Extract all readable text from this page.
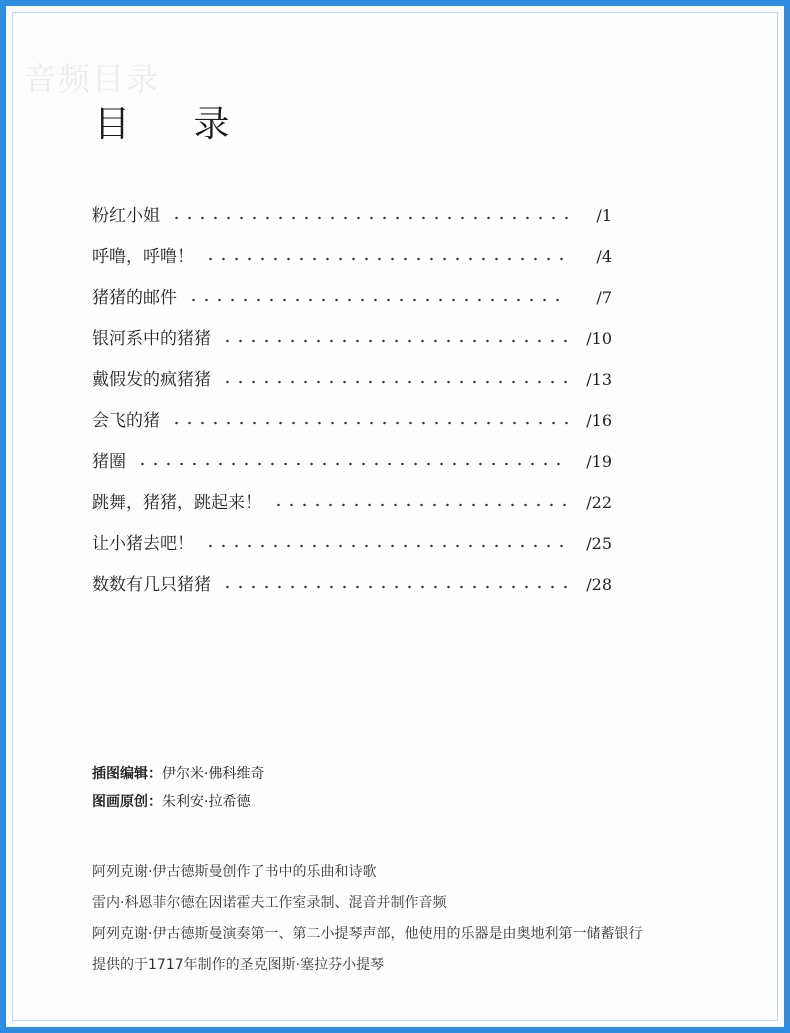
音频目录
目 录
粉红小姐	/1
呼噜，呼噜！	/4
猪猪的邮件	/7
银河系中的猪猪	/10
戴假发的疯猪猪	/13
会飞的猪	/16
猪圈	/19
跳舞，猪猪，跳起来！	/22
让小猪去吧！	/25
数数有几只猪猪	/28
插图编辑：伊尔米·佛科维奇
图画原创：朱利安·拉希德
阿列克谢·伊古德斯曼创作了书中的乐曲和诗歌
雷内·科恩菲尔德在因诺霍夫工作室录制、混音并制作音频
阿列克谢·伊古德斯曼演奏第一、第二小提琴声部，他使用的乐器是由奥地利第一储蓄银行
提供的于1717年制作的圣克图斯·塞拉芬小提琴
